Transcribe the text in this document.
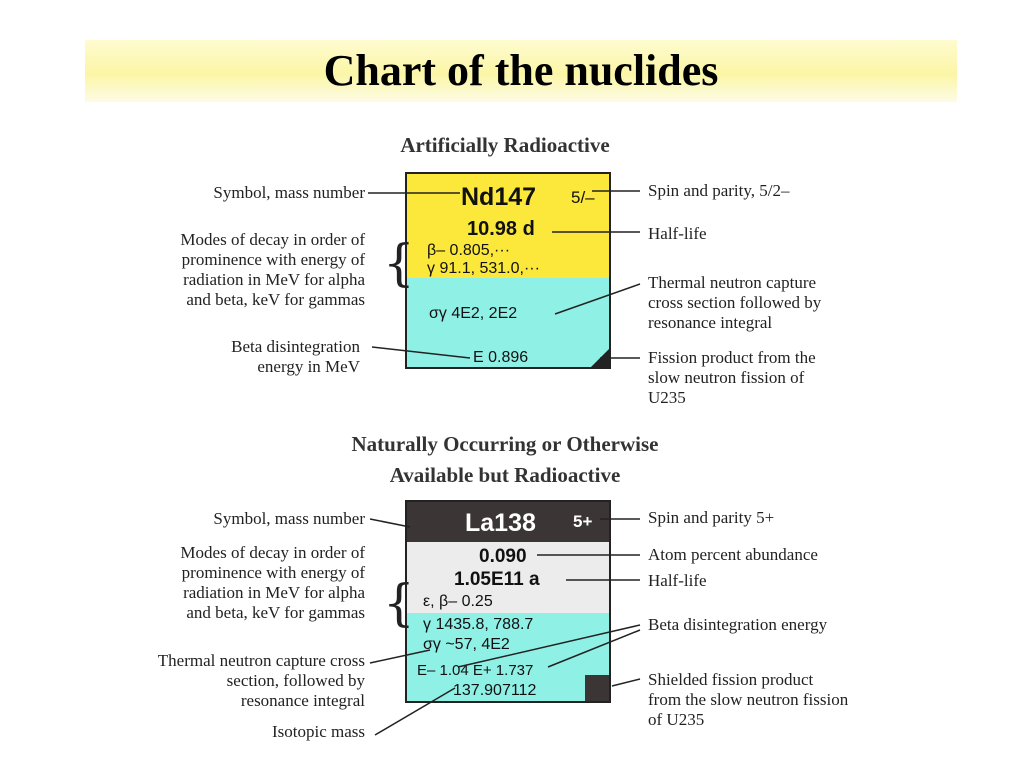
Chart of the nuclides
Artificially Radioactive
Nd147 5/–
10.98 d
β– 0.805,···
γ 91.1, 531.0,···
σγ 4E2, 2E2
E 0.896
Symbol, mass number
Modes of decay in order of
prominence with energy of
radiation in MeV for alpha
and beta, keV for gammas
{
Beta disintegration
energy in MeV
Spin and parity, 5/2–
Half-life
Thermal neutron capture
cross section followed by
resonance integral
Fission product from the
slow neutron fission of
U235
Naturally Occurring or Otherwise
Available but Radioactive
La138 5+
0.090
1.05E11 a
ε, β– 0.25
γ 1435.8, 788.7
σγ ~57, 4E2
E– 1.04 E+ 1.737
137.907112
Symbol, mass number
Modes of decay in order of
prominence with energy of
radiation in MeV for alpha
and beta, keV for gammas {
Thermal neutron capture cross
section, followed by
resonance integral
Isotopic mass
Spin and parity 5+
Atom percent abundance
Half-life
Beta disintegration energy
Shielded fission product
from the slow neutron fission
of U235
